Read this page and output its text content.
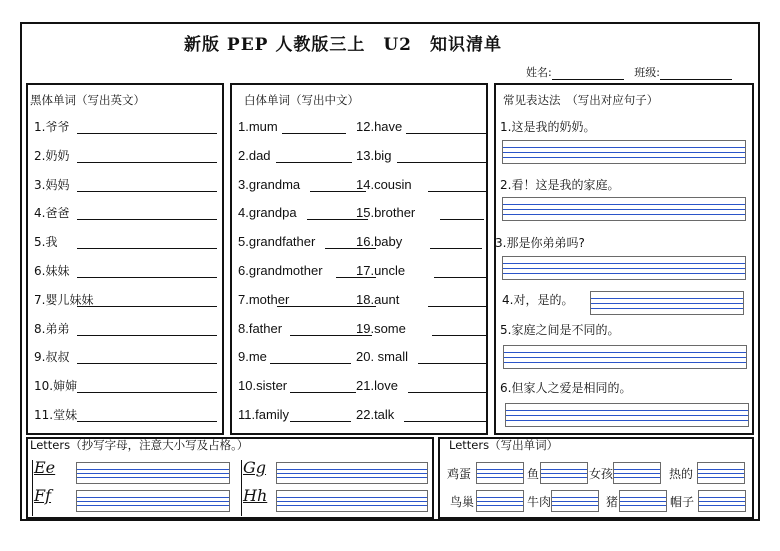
新版 PEP 人教版三上　U2　知识清单
姓名:	班级:
黑体单词（写出英文）
1.爷爷
2.奶奶
3.妈妈
4.爸爸
5.我
6.妹妹
7.婴儿妹妹
8.弟弟
9.叔叔
10.婶婶
11.堂妹
白体单词（写出中文）
1.mum
2.dad
3.grandma
4.grandpa
5.grandfather
6.grandmother
7.mother
8.father
9.me
10.sister
11.family
12.have
13.big
14.cousin
15.brother
16.baby
17.uncle
18.aunt
19.some
20. small
21.love
22.talk
常见表达法　（写出对应句子）
1.这是我的奶奶。
2.看！这是我的家庭。
3.那是你弟弟吗?
4.对，是的。
5.家庭之间是不同的。
6.但家人之爱是相同的。
Letters（抄写字母，注意大小写及占格。）
Ee
Ff
Gg
Hh
Letters（写出单词）
鸡蛋	鱼	女孩	热的
鸟巢	牛肉	猪	帽子
